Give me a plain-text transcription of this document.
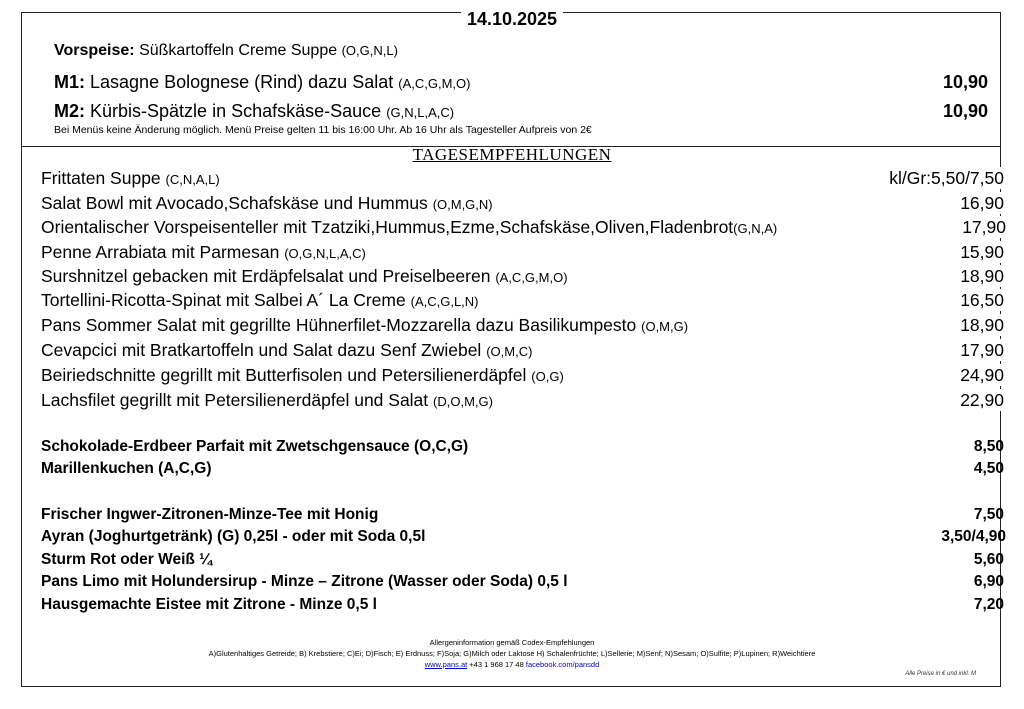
14.10.2025
Vorspeise: Süßkartoffeln Creme Suppe (O,G,N,L)
M1: Lasagne Bolognese (Rind) dazu Salat (A,C,G,M,O)	10,90
M2: Kürbis-Spätzle in Schafskäse-Sauce (G,N,L,A,C)	10,90
Bei Menüs keine Änderung möglich. Menü Preise gelten 11 bis 16:00 Uhr. Ab 16 Uhr als Tagesteller Aufpreis von 2€
TAGESEMPFEHLUNGEN
Frittaten Suppe (C,N,A,L)	kl/Gr:5,50/7,50
Salat Bowl mit Avocado,Schafskäse und Hummus (O,M,G,N)	16,90
Orientalischer Vorspeisenteller mit Tzatziki,Hummus,Ezme,Schafskäse,Oliven,Fladenbrot(G,N,A)	17,90
Penne Arrabiata mit Parmesan (O,G,N,L,A,C)	15,90
Surshnitzel gebacken mit Erdäpfelsalat und Preiselbeeren (A,C,G,M,O)	18,90
Tortellini-Ricotta-Spinat mit Salbei A´ La Creme (A,C,G,L,N)	16,50
Pans Sommer Salat mit gegrillte Hühnerfilet-Mozzarella dazu Basilikumpesto (O,M,G)	18,90
Cevapcici mit Bratkartoffeln und Salat dazu Senf Zwiebel (O,M,C)	17,90
Beiriedschnitte gegrillt mit Butterfisolen und Petersilienerdäpfel (O,G)	24,90
Lachsfilet gegrillt mit Petersilienerdäpfel und Salat (D,O,M,G)	22,90
Schokolade-Erdbeer Parfait mit Zwetschgensauce (O,C,G)	8,50
Marillenkuchen (A,C,G)	4,50
Frischer Ingwer-Zitronen-Minze-Tee mit Honig	7,50
Ayran (Joghurtgetränk) (G) 0,25l - oder mit Soda 0,5l	3,50/4,90
Sturm Rot oder Weiß ¼	5,60
Pans Limo mit Holundersirup - Minze – Zitrone (Wasser oder Soda) 0,5 l	6,90
Hausgemachte Eistee mit Zitrone - Minze 0,5 l	7,20
Allergeninformation gemäß Codex-Empfehlungen
A)Glutenhaltiges Getreide; B) Krebstiere; C)Ei; D)Fisch; E) Erdnuss; F)Soja; G)Milch oder Laktose H) Schalenfrüchte; L)Sellerie; M)Senf; N)Sesam; O)Sulfite; P)Lupinen; R)Weichtiere
www.pans.at +43 1 968 17 48 facebook.com/pansdd
Alle Preise in € und inkl. M
